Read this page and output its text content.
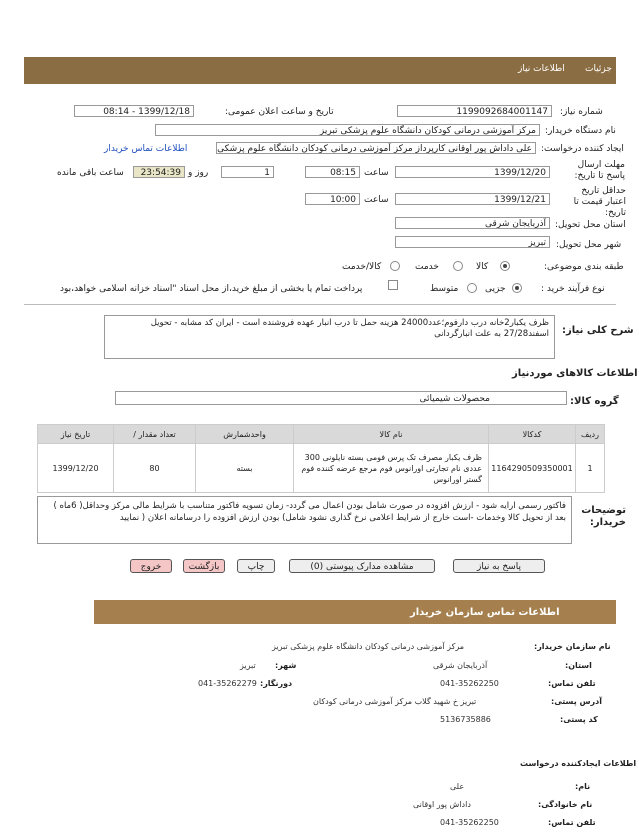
جزئیات
اطلاعات نیاز
شماره نیاز:
1199092684001147
تاریخ و ساعت اعلان عمومی:
1399/12/18 - 08:14
نام دستگاه خریدار:
مرکز آموزشی درمانی کودکان دانشگاه علوم پزشکی تبریز
ایجاد کننده درخواست:
علی داداش پور اوقانی کارپرداز مرکز آموزشی درمانی کودکان دانشگاه علوم پزشکی
اطلاعات تماس خریدار
مهلت ارسال پاسخ تا تاریخ:
1399/12/20
ساعت
08:15
1
روز و
23:54:39
ساعت باقی مانده
حداقل تاریخ اعتبار قیمت تا تاریخ:
1399/12/21
ساعت
10:00
استان محل تحویل:
آذربایجان شرقی
شهر محل تحویل:
تبریز
طبقه بندی موضوعی:
کالا
خدمت
کالا/خدمت
نوع فرآیند خرید :
جزیی
متوسط
پرداخت تمام یا بخشی از مبلغ خرید،از محل اسناد "اسناد خزانه اسلامی خواهد،بود
شرح کلی نیاز:
ظرف یکبار2خانه درب دارفوم؛عدد24000 هزینه حمل تا درب انبار عهده فروشنده است - ایران کد مشابه - تحویل اسفند27/28 به علت انبارگردانی
اطلاعات کالاهای موردنیاز
گروه کالا:
محصولات شیمیائی
ردیف	کدکالا	نام کالا	واحدشمارش	تعداد مقدار /	تاریخ نیاز
1	1164290509350001	ظرف یکبار مصرف تک پرس فومی بسته نایلونی 300 عددی نام تجارتی اورانوس فوم مرجع عرضه کننده فوم گستر اورانوس	بسته	80	1399/12/20
توضیحات خریدار:
فاکتور رسمی ارایه شود - ارزش افزوده در صورت شامل بودن اعمال می گردد- زمان تسویه فاکتور متناسب با شرایط مالی مرکز وحداقل( 6ماه ) بعد از تحویل کالا وخدمات -است خارج از شرایط اعلامی نرخ گذاری نشود شامل) بودن ارزش افزوده را درسامانه اعلان ( نمایید
پاسخ به نیاز
مشاهده مدارک پیوستی (0)
چاپ
بازگشت
خروج
اطلاعات تماس سازمان خریدار
نام سازمان خریدار:
مرکز آموزشی درمانی کودکان دانشگاه علوم پزشکی تبریز
استان:
آذربایجان شرقی
شهر:
تبریز
تلفن تماس:
041-35262250
دورنگار:
041-35262279
آدرس پستی:
تبریز خ شهید گلاب مرکز آموزشی درمانی کودکان
کد پستی:
5136735886
اطلاعات ایجادکننده درخواست
نام:
علی
نام خانوادگی:
داداش پور اوقانی
تلفن تماس:
041-35262250
